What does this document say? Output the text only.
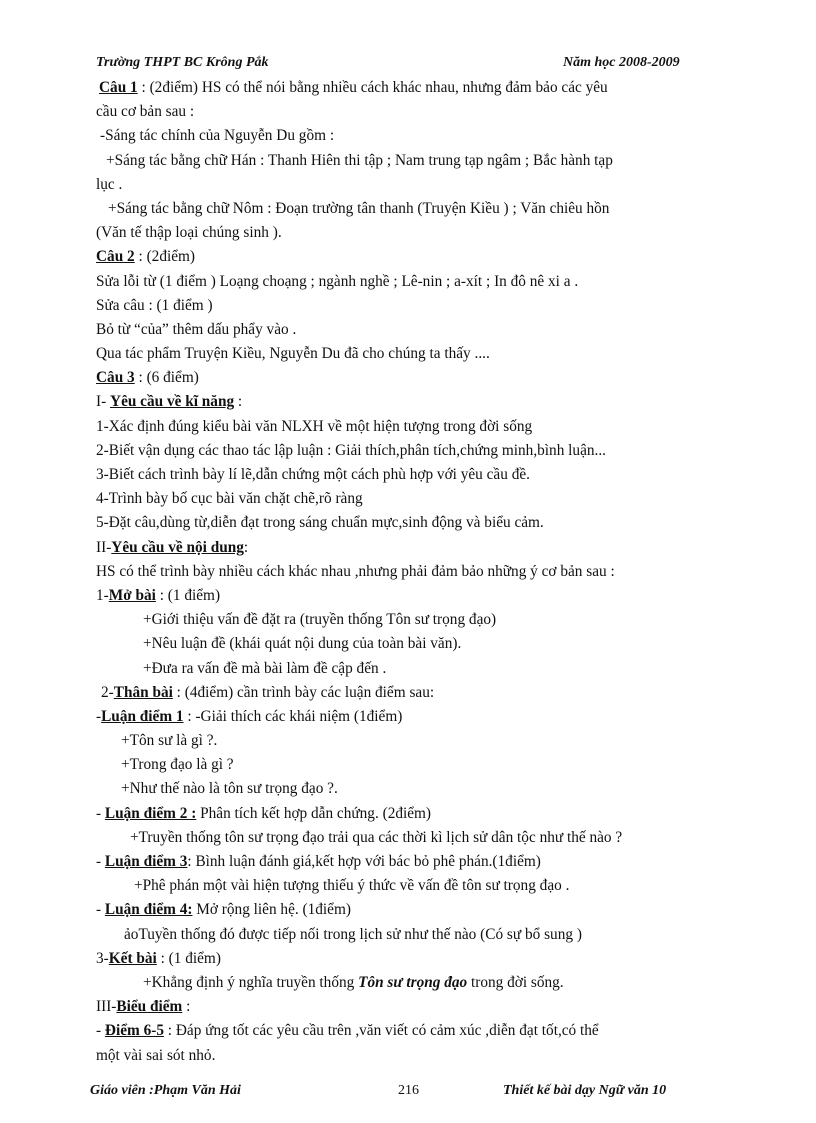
Trường THPT BC Krông Pắk	Năm học 2008-2009
Câu 1 : (2điểm) HS có thể nói bằng nhiều cách khác nhau, nhưng đảm bảo các yêu
cầu cơ bản sau :
-Sáng tác chính của Nguyễn Du gồm :
+Sáng tác bằng chữ Hán : Thanh Hiên thi tập ; Nam trung tạp ngâm ; Bắc hành tạp
lục .
+Sáng tác bằng chữ Nôm : Đoạn trường tân thanh (Truyện Kiều ) ; Văn chiêu hồn
(Văn tế thập loại chúng sinh ).
Câu 2 : (2điểm)
Sửa lỗi từ (1 điểm ) Loạng choạng ; ngành nghề ; Lê-nin ; a-xít ; In đô nê xi a .
Sửa câu : (1 điểm )
Bỏ từ “của” thêm dấu phẩy vào .
Qua tác phẩm Truyện Kiều, Nguyễn Du đã cho chúng ta thấy ....
Câu 3 : (6 điểm)
I- Yêu cầu về kĩ năng :
1-Xác định đúng kiểu bài văn NLXH về một hiện tượng trong đời sống
2-Biết vận dụng các thao tác lập luận : Giải thích,phân tích,chứng minh,bình luận...
3-Biết cách trình bày lí lẽ,dẫn chứng một cách phù hợp với yêu cầu đề.
4-Trình bày bố cục bài văn chặt chẽ,rõ ràng
5-Đặt câu,dùng từ,diễn đạt trong sáng chuẩn mực,sinh động và biểu cảm.
II-Yêu cầu về nội dung:
HS có thể trình bày nhiều cách khác nhau ,nhưng phải đảm bảo những ý cơ bản sau :
1-Mở bài : (1 điểm)
+Giới thiệu vấn đề đặt ra (truyền thống Tôn sư trọng đạo)
+Nêu luận đề (khái quát nội dung của toàn bài văn).
+Đưa ra vấn đề mà bài làm đề cập đến .
2-Thân bài : (4điểm) cần trình bày các luận điểm sau:
-Luận điểm 1 : -Giải thích các khái niệm (1điểm)
+Tôn sư là gì ?.
+Trong đạo là gì ?
+Như thế nào là tôn sư trọng đạo ?.
- Luận điểm 2 : Phân tích kết hợp dẫn chứng. (2điểm)
+Truyền thống tôn sư trọng đạo trải qua các thời kì lịch sử dân tộc như thế nào ?
- Luận điểm 3: Bình luận đánh giá,kết hợp với bác bỏ phê phán.(1điểm)
+Phê phán một vài hiện tượng thiếu ý thức về vấn đề tôn sư trọng đạo .
- Luận điểm 4: Mở rộng liên hệ. (1điểm)
ảoTuyền thống đó được tiếp nối trong lịch sử như thế nào (Có sự bổ sung )
3-Kết bài : (1 điểm)
+Khẳng định ý nghĩa truyền thống Tôn sư trọng đạo trong đời sống.
III-Biểu điểm :
- Điểm 6-5 : Đáp ứng tốt các yêu cầu trên ,văn viết có cảm xúc ,diễn đạt tốt,có thể
một vài sai sót nhỏ.
Giáo viên :Phạm Văn Hải	216	Thiết kế bài dạy Ngữ văn 10
